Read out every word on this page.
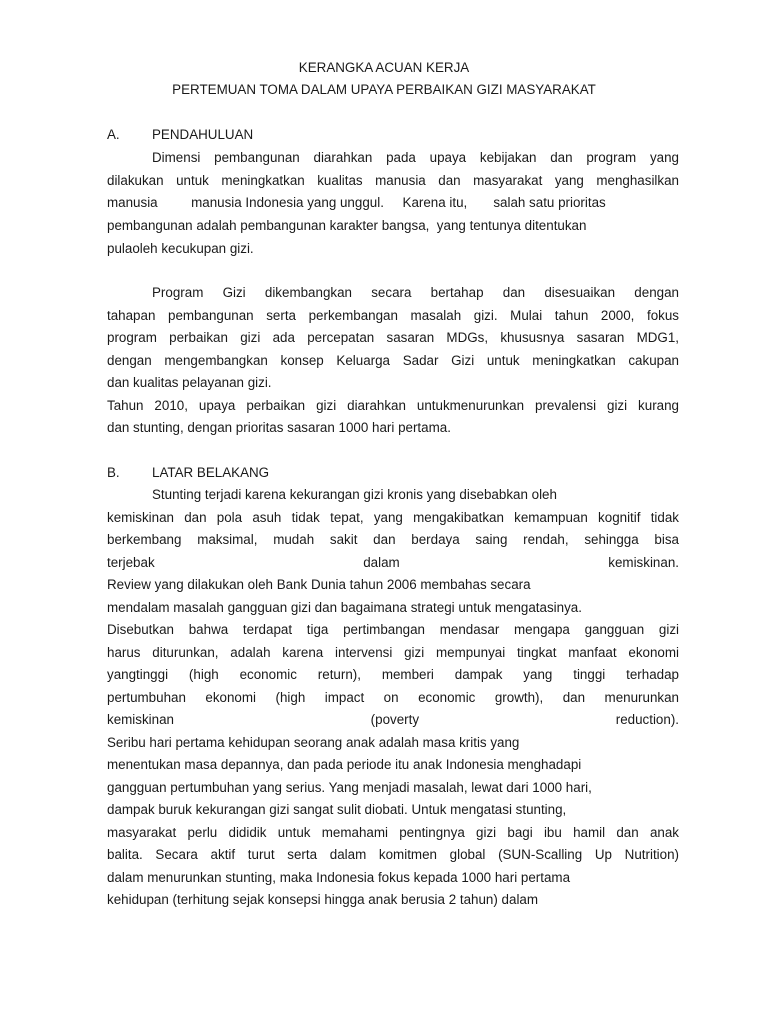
KERANGKA ACUAN KERJA
PERTEMUAN TOMA DALAM UPAYA PERBAIKAN GIZI MASYARAKAT
A. PENDAHULUAN
Dimensi pembangunan diarahkan pada upaya kebijakan dan program yang
dilakukan untuk meningkatkan kualitas manusia dan masyarakat yang menghasilkan
manusia         manusia Indonesia yang unggul.     Karena itu,       salah satu prioritas
pembangunan adalah pembangunan karakter bangsa,  yang tentunya ditentukan
pulaoleh kecukupan gizi.
Program Gizi dikembangkan secara bertahap dan disesuaikan dengan
tahapan pembangunan serta perkembangan masalah gizi. Mulai tahun 2000, fokus
program perbaikan gizi ada percepatan sasaran MDGs, khususnya sasaran MDG1,
dengan mengembangkan konsep Keluarga Sadar Gizi untuk meningkatkan cakupan
dan kualitas pelayanan gizi.
Tahun 2010, upaya perbaikan gizi diarahkan untukmenurunkan prevalensi gizi kurang
dan stunting, dengan prioritas sasaran 1000 hari pertama.
B. LATAR BELAKANG
Stunting terjadi karena kekurangan gizi kronis yang disebabkan oleh
kemiskinan dan pola asuh tidak tepat, yang mengakibatkan kemampuan kognitif tidak
berkembang maksimal, mudah sakit dan berdaya saing rendah, sehingga bisa
terjebak dalam kemiskinan.
Review yang dilakukan oleh Bank Dunia tahun 2006 membahas secara
mendalam masalah gangguan gizi dan bagaimana strategi untuk mengatasinya.
Disebutkan bahwa terdapat tiga pertimbangan mendasar mengapa gangguan gizi
harus diturunkan, adalah karena intervensi gizi mempunyai tingkat manfaat ekonomi
yangtinggi (high economic return), memberi dampak yang tinggi terhadap
pertumbuhan ekonomi (high impact on economic growth), dan menurunkan
kemiskinan (poverty reduction).
Seribu hari pertama kehidupan seorang anak adalah masa kritis yang
menentukan masa depannya, dan pada periode itu anak Indonesia menghadapi
gangguan pertumbuhan yang serius. Yang menjadi masalah, lewat dari 1000 hari,
dampak buruk kekurangan gizi sangat sulit diobati. Untuk mengatasi stunting,
masyarakat perlu dididik untuk memahami pentingnya gizi bagi ibu hamil dan anak
balita. Secara aktif turut serta dalam komitmen global (SUN-Scalling Up Nutrition)
dalam menurunkan stunting, maka Indonesia fokus kepada 1000 hari pertama
kehidupan (terhitung sejak konsepsi hingga anak berusia 2 tahun) dalam
